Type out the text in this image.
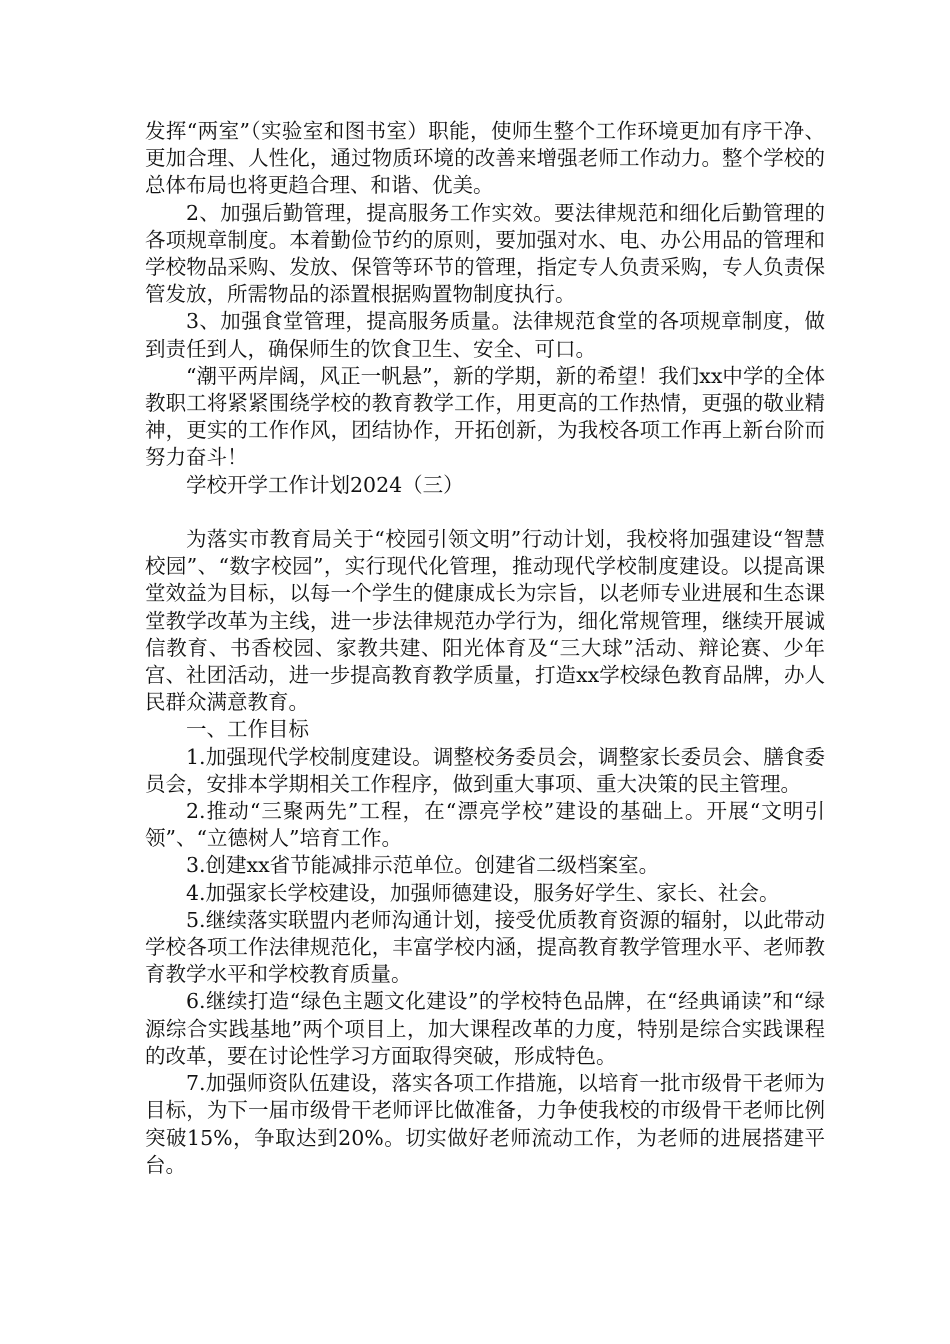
发挥“两室”（实验室和图书室）职能，使师生整个工作环境更加有序干净、更加合理、人性化，通过物质环境的改善来增强老师工作动力。整个学校的总体布局也将更趋合理、和谐、优美。

2、加强后勤管理，提高服务工作实效。要法律规范和细化后勤管理的各项规章制度。本着勤俭节约的原则，要加强对水、电、办公用品的管理和学校物品采购、发放、保管等环节的管理，指定专人负责采购，专人负责保管发放，所需物品的添置根据购置物制度执行。

3、加强食堂管理，提高服务质量。法律规范食堂的各项规章制度，做到责任到人，确保师生的饮食卫生、安全、可口。

“潮平两岸阔，风正一帆悬”，新的学期，新的希望！我们xx中学的全体教职工将紧紧围绕学校的教育教学工作，用更高的工作热情，更强的敬业精神，更实的工作作风，团结协作，开拓创新，为我校各项工作再上新台阶而努力奋斗！

学校开学工作计划2024（三）

为落实市教育局关于“校园引领文明”行动计划，我校将加强建设“智慧校园”、“数字校园”，实行现代化管理，推动现代学校制度建设。以提高课堂效益为目标，以每一个学生的健康成长为宗旨，以老师专业进展和生态课堂教学改革为主线，进一步法律规范办学行为，细化常规管理，继续开展诚信教育、书香校园、家教共建、阳光体育及“三大球”活动、辩论赛、少年宫、社团活动，进一步提高教育教学质量，打造xx学校绿色教育品牌，办人民群众满意教育。

一、工作目标

1.加强现代学校制度建设。调整校务委员会，调整家长委员会、膳食委员会，安排本学期相关工作程序，做到重大事项、重大决策的民主管理。

2.推动“三聚两先”工程，在“漂亮学校”建设的基础上。开展“文明引领”、“立德树人”培育工作。

3.创建xx省节能减排示范单位。创建省二级档案室。

4.加强家长学校建设，加强师德建设，服务好学生、家长、社会。

5.继续落实联盟内老师沟通计划，接受优质教育资源的辐射，以此带动学校各项工作法律规范化，丰富学校内涵，提高教育教学管理水平、老师教育教学水平和学校教育质量。

6.继续打造“绿色主题文化建设”的学校特色品牌，在“经典诵读”和“绿源综合实践基地”两个项目上，加大课程改革的力度，特别是综合实践课程的改革，要在讨论性学习方面取得突破，形成特色。

7.加强师资队伍建设，落实各项工作措施，以培育一批市级骨干老师为目标，为下一届市级骨干老师评比做准备，力争使我校的市级骨干老师比例突破15%，争取达到20%。切实做好老师流动工作，为老师的进展搭建平台。
